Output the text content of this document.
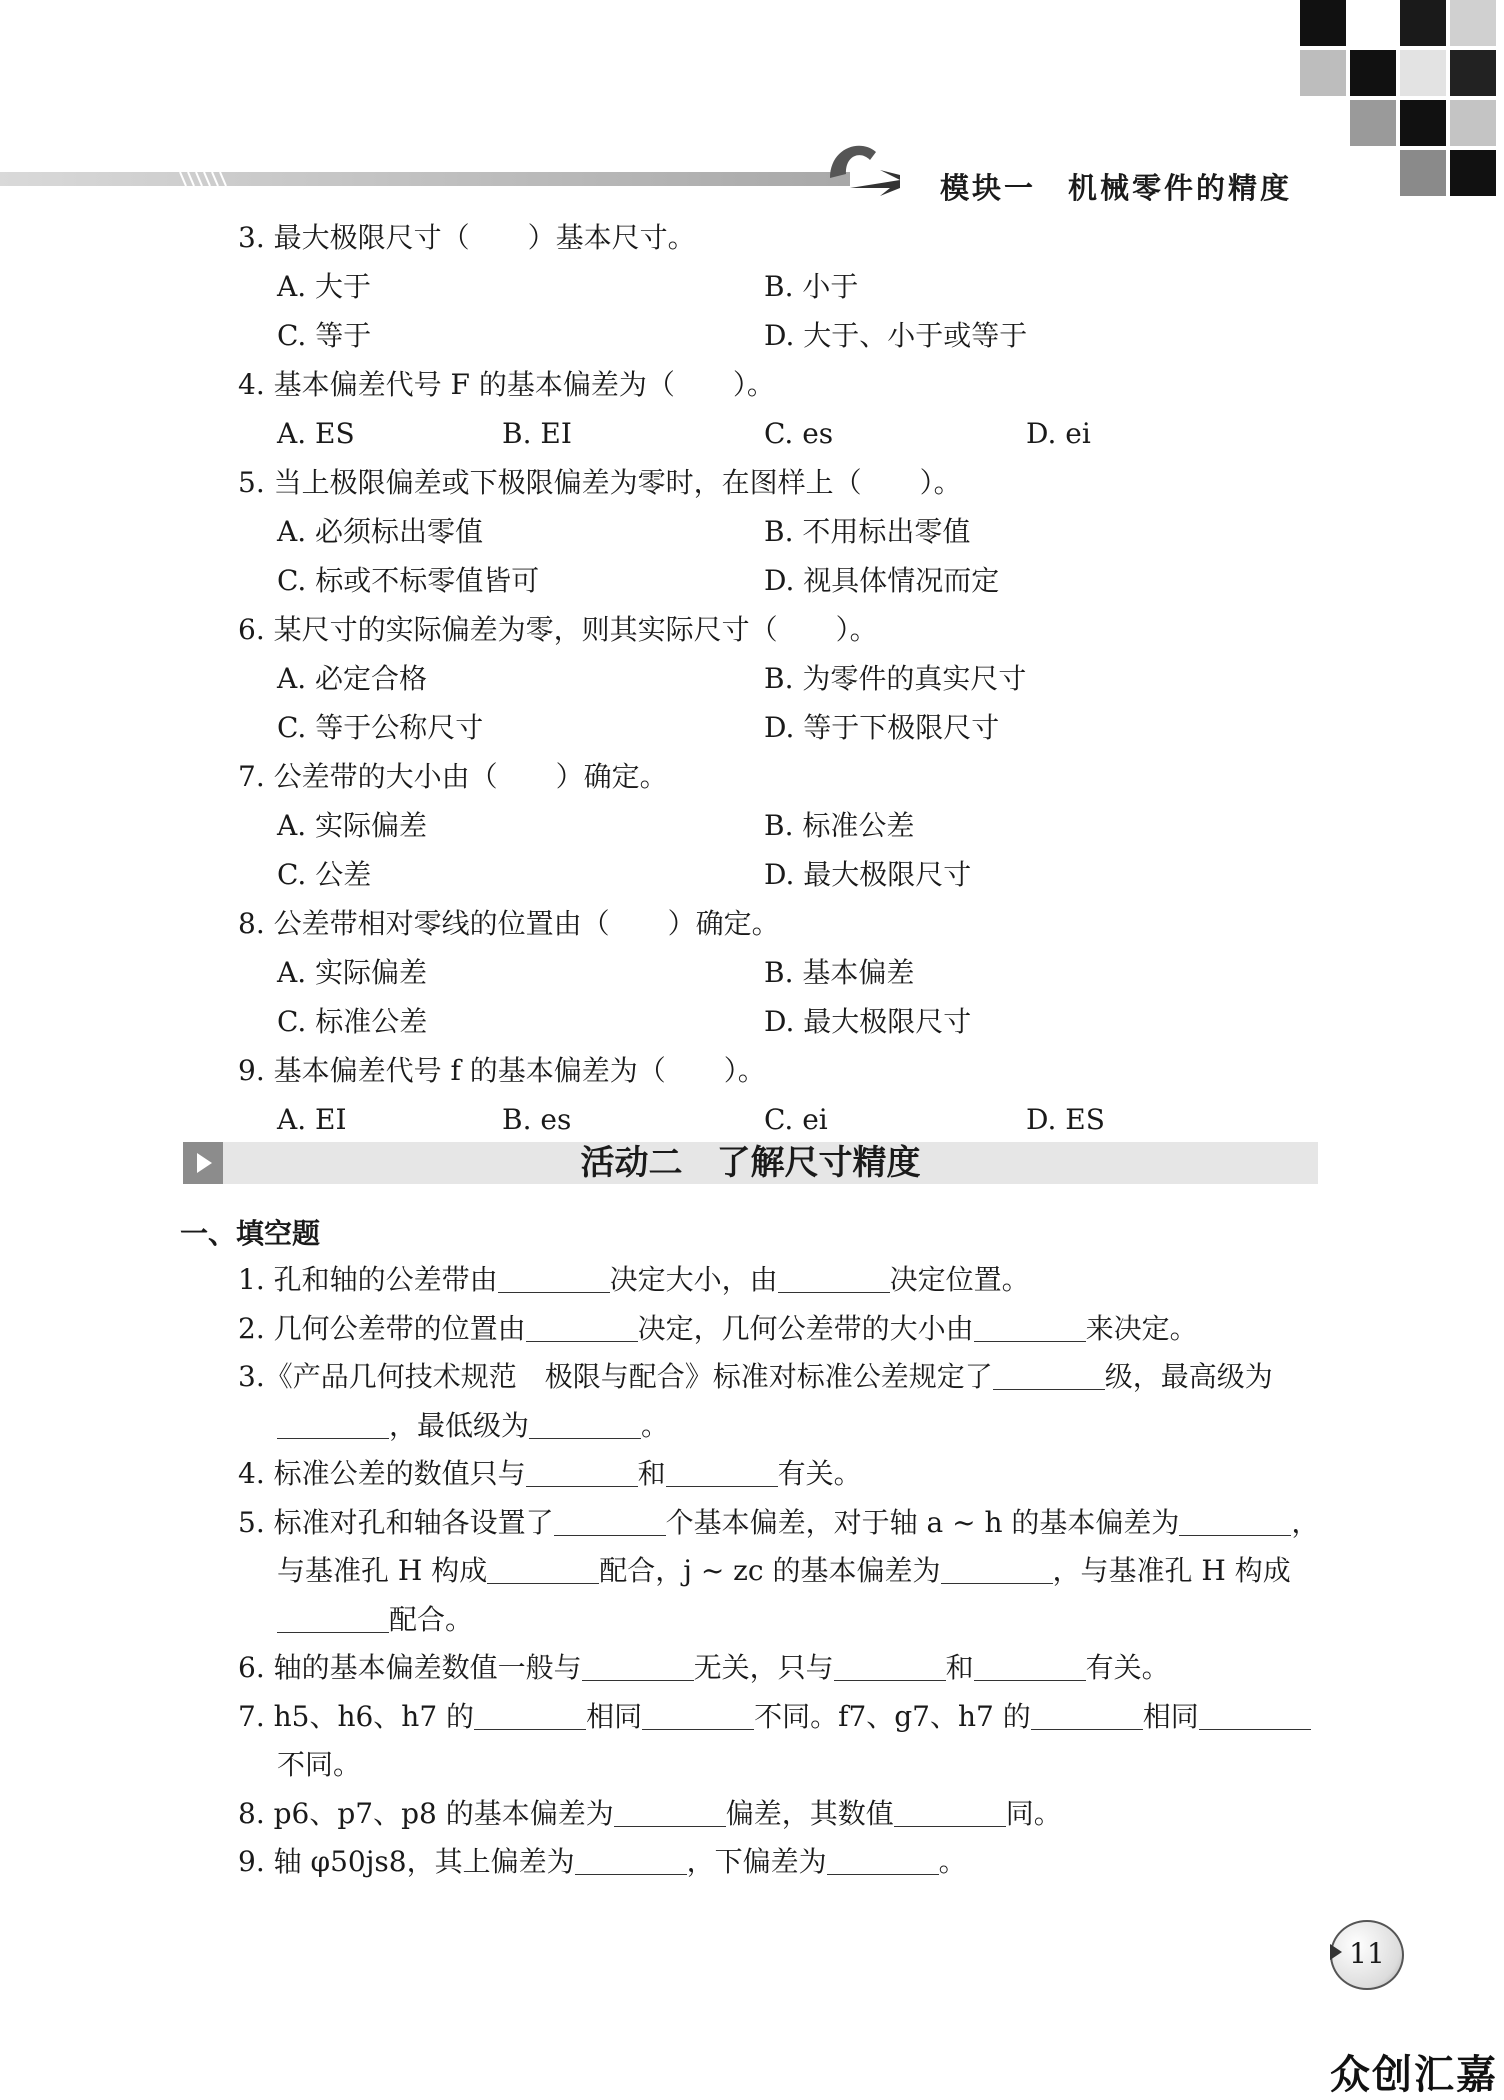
模块一　机械零件的精度
3. 最大极限尺寸（ ）基本尺寸。
A. 大于	B. 小于
C. 等于	D. 大于、小于或等于
4. 基本偏差代号 F 的基本偏差为（ ）。
A. ES	B. EI	C. es	D. ei
5. 当上极限偏差或下极限偏差为零时，在图样上（ ）。
A. 必须标出零值	B. 不用标出零值
C. 标或不标零值皆可	D. 视具体情况而定
6. 某尺寸的实际偏差为零，则其实际尺寸（ ）。
A. 必定合格	B. 为零件的真实尺寸
C. 等于公称尺寸	D. 等于下极限尺寸
7. 公差带的大小由（ ）确定。
A. 实际偏差	B. 标准公差
C. 公差	D. 最大极限尺寸
8. 公差带相对零线的位置由（ ）确定。
A. 实际偏差	B. 基本偏差
C. 标准公差	D. 最大极限尺寸
9. 基本偏差代号 f 的基本偏差为（ ）。
A. EI	B. es	C. ei	D. ES
活动二　了解尺寸精度
一、填空题
1. 孔和轴的公差带由	决定大小，由	决定位置。
2. 几何公差带的位置由	决定，几何公差带的大小由	来决定。
3.《产品几何技术规范　极限与配合》标准对标准公差规定了	级，最高级为
，最低级为	。
4. 标准公差的数值只与	和	有关。
5. 标准对孔和轴各设置了	个基本偏差，对于轴 a ~ h 的基本偏差为	，
与基准孔 H 构成	配合，j ~ zc 的基本偏差为	，与基准孔 H 构成
配合。
6. 轴的基本偏差数值一般与	无关，只与	和	有关。
7. h5、h6、h7 的	相同	不同。f7、g7、h7 的	相同
不同。
8. p6、p7、p8 的基本偏差为	偏差，其数值	同。
9. 轴 φ50js8，其上偏差为	，下偏差为	。
11
众创汇嘉
